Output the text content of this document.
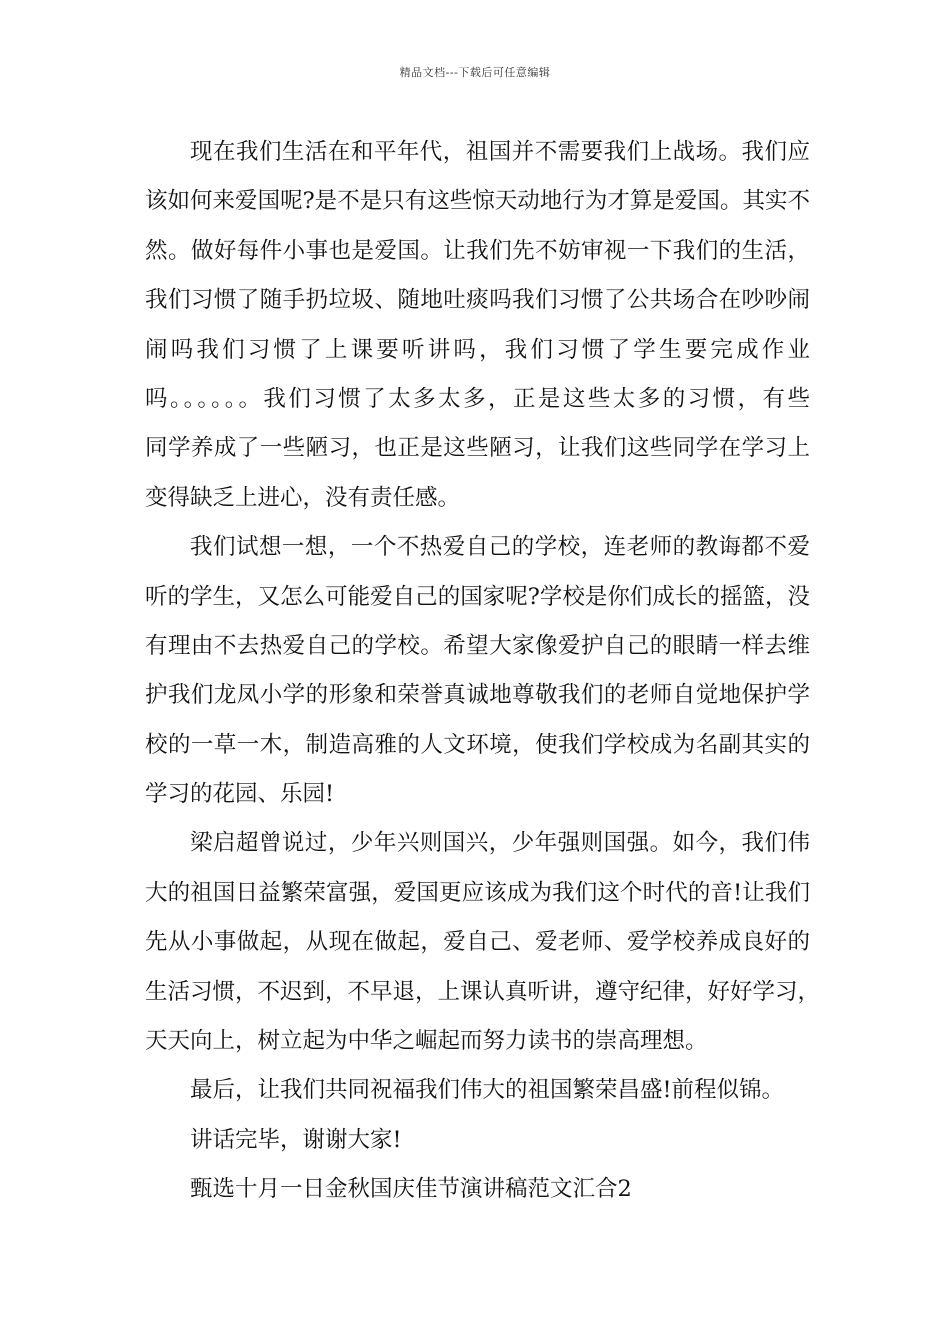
精品文档---下载后可任意编辑
现在我们生活在和平年代，祖国并不需要我们上战场。我们应
该如何来爱国呢?是不是只有这些惊天动地行为才算是爱国。其实不
然。做好每件小事也是爱国。让我们先不妨审视一下我们的生活，
我们习惯了随手扔垃圾、随地吐痰吗我们习惯了公共场合在吵吵闹
闹吗我们习惯了上课要听讲吗，我们习惯了学生要完成作业
吗。。。。。。我们习惯了太多太多，正是这些太多的习惯，有些
同学养成了一些陋习，也正是这些陋习，让我们这些同学在学习上
变得缺乏上进心，没有责任感。
我们试想一想，一个不热爱自己的学校，连老师的教诲都不爱
听的学生，又怎么可能爱自己的国家呢?学校是你们成长的摇篮，没
有理由不去热爱自己的学校。希望大家像爱护自己的眼睛一样去维
护我们龙凤小学的形象和荣誉真诚地尊敬我们的老师自觉地保护学
校的一草一木，制造高雅的人文环境，使我们学校成为名副其实的
学习的花园、乐园!
梁启超曾说过，少年兴则国兴，少年强则国强。如今，我们伟
大的祖国日益繁荣富强，爱国更应该成为我们这个时代的音!让我们
先从小事做起，从现在做起，爱自己、爱老师、爱学校养成良好的
生活习惯，不迟到，不早退，上课认真听讲，遵守纪律，好好学习，
天天向上，树立起为中华之崛起而努力读书的崇高理想。
最后，让我们共同祝福我们伟大的祖国繁荣昌盛!前程似锦。
讲话完毕，谢谢大家!
甄选十月一日金秋国庆佳节演讲稿范文汇合2
